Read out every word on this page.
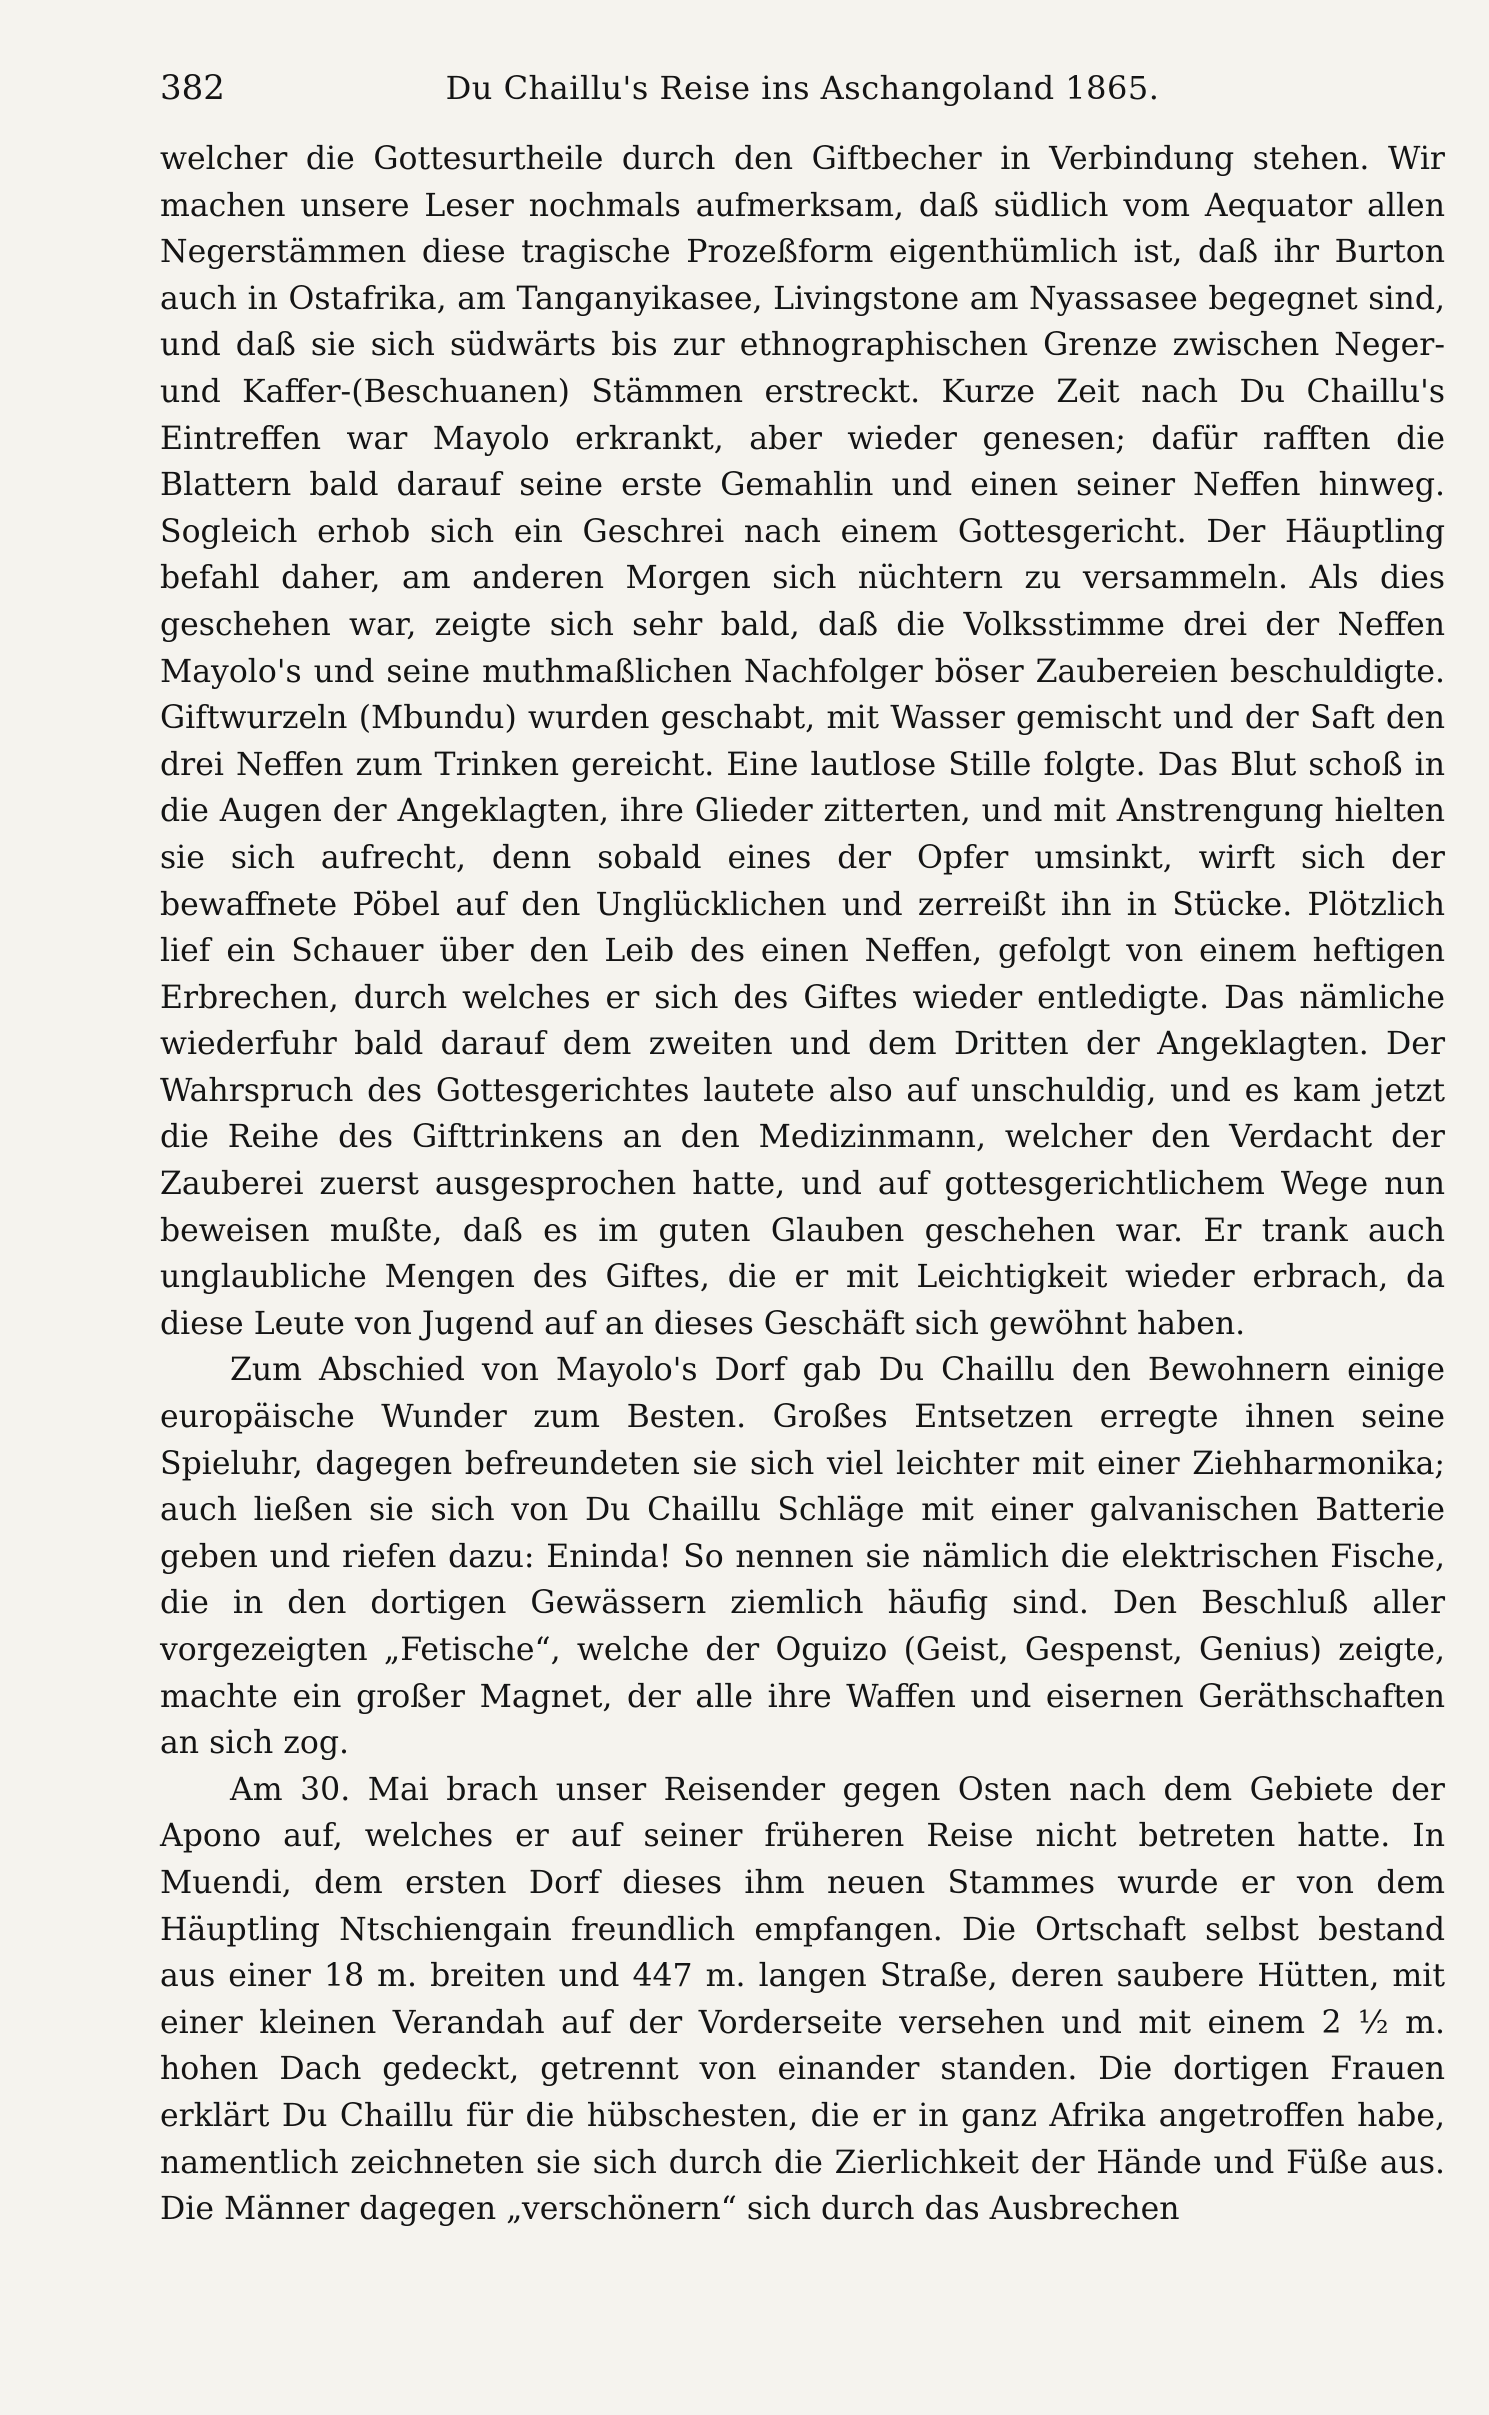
382	Du Chaillu's Reise ins Aschangoland 1865.

welcher die Gottesurtheile durch den Giftbecher in Verbindung stehen. Wir machen unsere Leser nochmals aufmerksam, daß südlich vom Aequator allen Negerstämmen diese tragische Prozeßform eigenthümlich ist, daß ihr Burton auch in Ostafrika, am Tanganyikasee, Livingstone am Nyassasee begegnet sind, und daß sie sich südwärts bis zur ethnographischen Grenze zwischen Neger- und Kaffer-(Beschuanen) Stämmen erstreckt. Kurze Zeit nach Du Chaillu's Eintreffen war Mayolo erkrankt, aber wieder genesen; dafür rafften die Blattern bald darauf seine erste Gemahlin und einen seiner Neffen hinweg. Sogleich erhob sich ein Geschrei nach einem Gottesgericht. Der Häuptling befahl daher, am anderen Morgen sich nüchtern zu versammeln. Als dies geschehen war, zeigte sich sehr bald, daß die Volksstimme drei der Neffen Mayolo's und seine muthmaßlichen Nachfolger böser Zaubereien beschuldigte. Giftwurzeln (Mbundu) wurden geschabt, mit Wasser gemischt und der Saft den drei Neffen zum Trinken gereicht. Eine lautlose Stille folgte. Das Blut schoß in die Augen der Angeklagten, ihre Glieder zitterten, und mit Anstrengung hielten sie sich aufrecht, denn sobald eines der Opfer umsinkt, wirft sich der bewaffnete Pöbel auf den Unglücklichen und zerreißt ihn in Stücke. Plötzlich lief ein Schauer über den Leib des einen Neffen, gefolgt von einem heftigen Erbrechen, durch welches er sich des Giftes wieder entledigte. Das nämliche wiederfuhr bald darauf dem zweiten und dem Dritten der Angeklagten. Der Wahrspruch des Gottesgerichtes lautete also auf unschuldig, und es kam jetzt die Reihe des Gifttrinkens an den Medizinmann, welcher den Verdacht der Zauberei zuerst ausgesprochen hatte, und auf gottesgerichtlichem Wege nun beweisen mußte, daß es im guten Glauben geschehen war. Er trank auch unglaubliche Mengen des Giftes, die er mit Leichtigkeit wieder erbrach, da diese Leute von Jugend auf an dieses Geschäft sich gewöhnt haben.

Zum Abschied von Mayolo's Dorf gab Du Chaillu den Bewohnern einige europäische Wunder zum Besten. Großes Entsetzen erregte ihnen seine Spieluhr, dagegen befreundeten sie sich viel leichter mit einer Ziehharmonika; auch ließen sie sich von Du Chaillu Schläge mit einer galvanischen Batterie geben und riefen dazu: Eninda! So nennen sie nämlich die elektrischen Fische, die in den dortigen Gewässern ziemlich häufig sind. Den Beschluß aller vorgezeigten „Fetische“, welche der Oguizo (Geist, Gespenst, Genius) zeigte, machte ein großer Magnet, der alle ihre Waffen und eisernen Geräthschaften an sich zog.

Am 30. Mai brach unser Reisender gegen Osten nach dem Gebiete der Apono auf, welches er auf seiner früheren Reise nicht betreten hatte. In Muendi, dem ersten Dorf dieses ihm neuen Stammes wurde er von dem Häuptling Ntschiengain freundlich empfangen. Die Ortschaft selbst bestand aus einer 18 m. breiten und 447 m. langen Straße, deren saubere Hütten, mit einer kleinen Verandah auf der Vorderseite versehen und mit einem 2 ½ m. hohen Dach gedeckt, getrennt von einander standen. Die dortigen Frauen erklärt Du Chaillu für die hübschesten, die er in ganz Afrika angetroffen habe, namentlich zeichneten sie sich durch die Zierlichkeit der Hände und Füße aus. Die Männer dagegen „verschönern“ sich durch das Ausbrechen
